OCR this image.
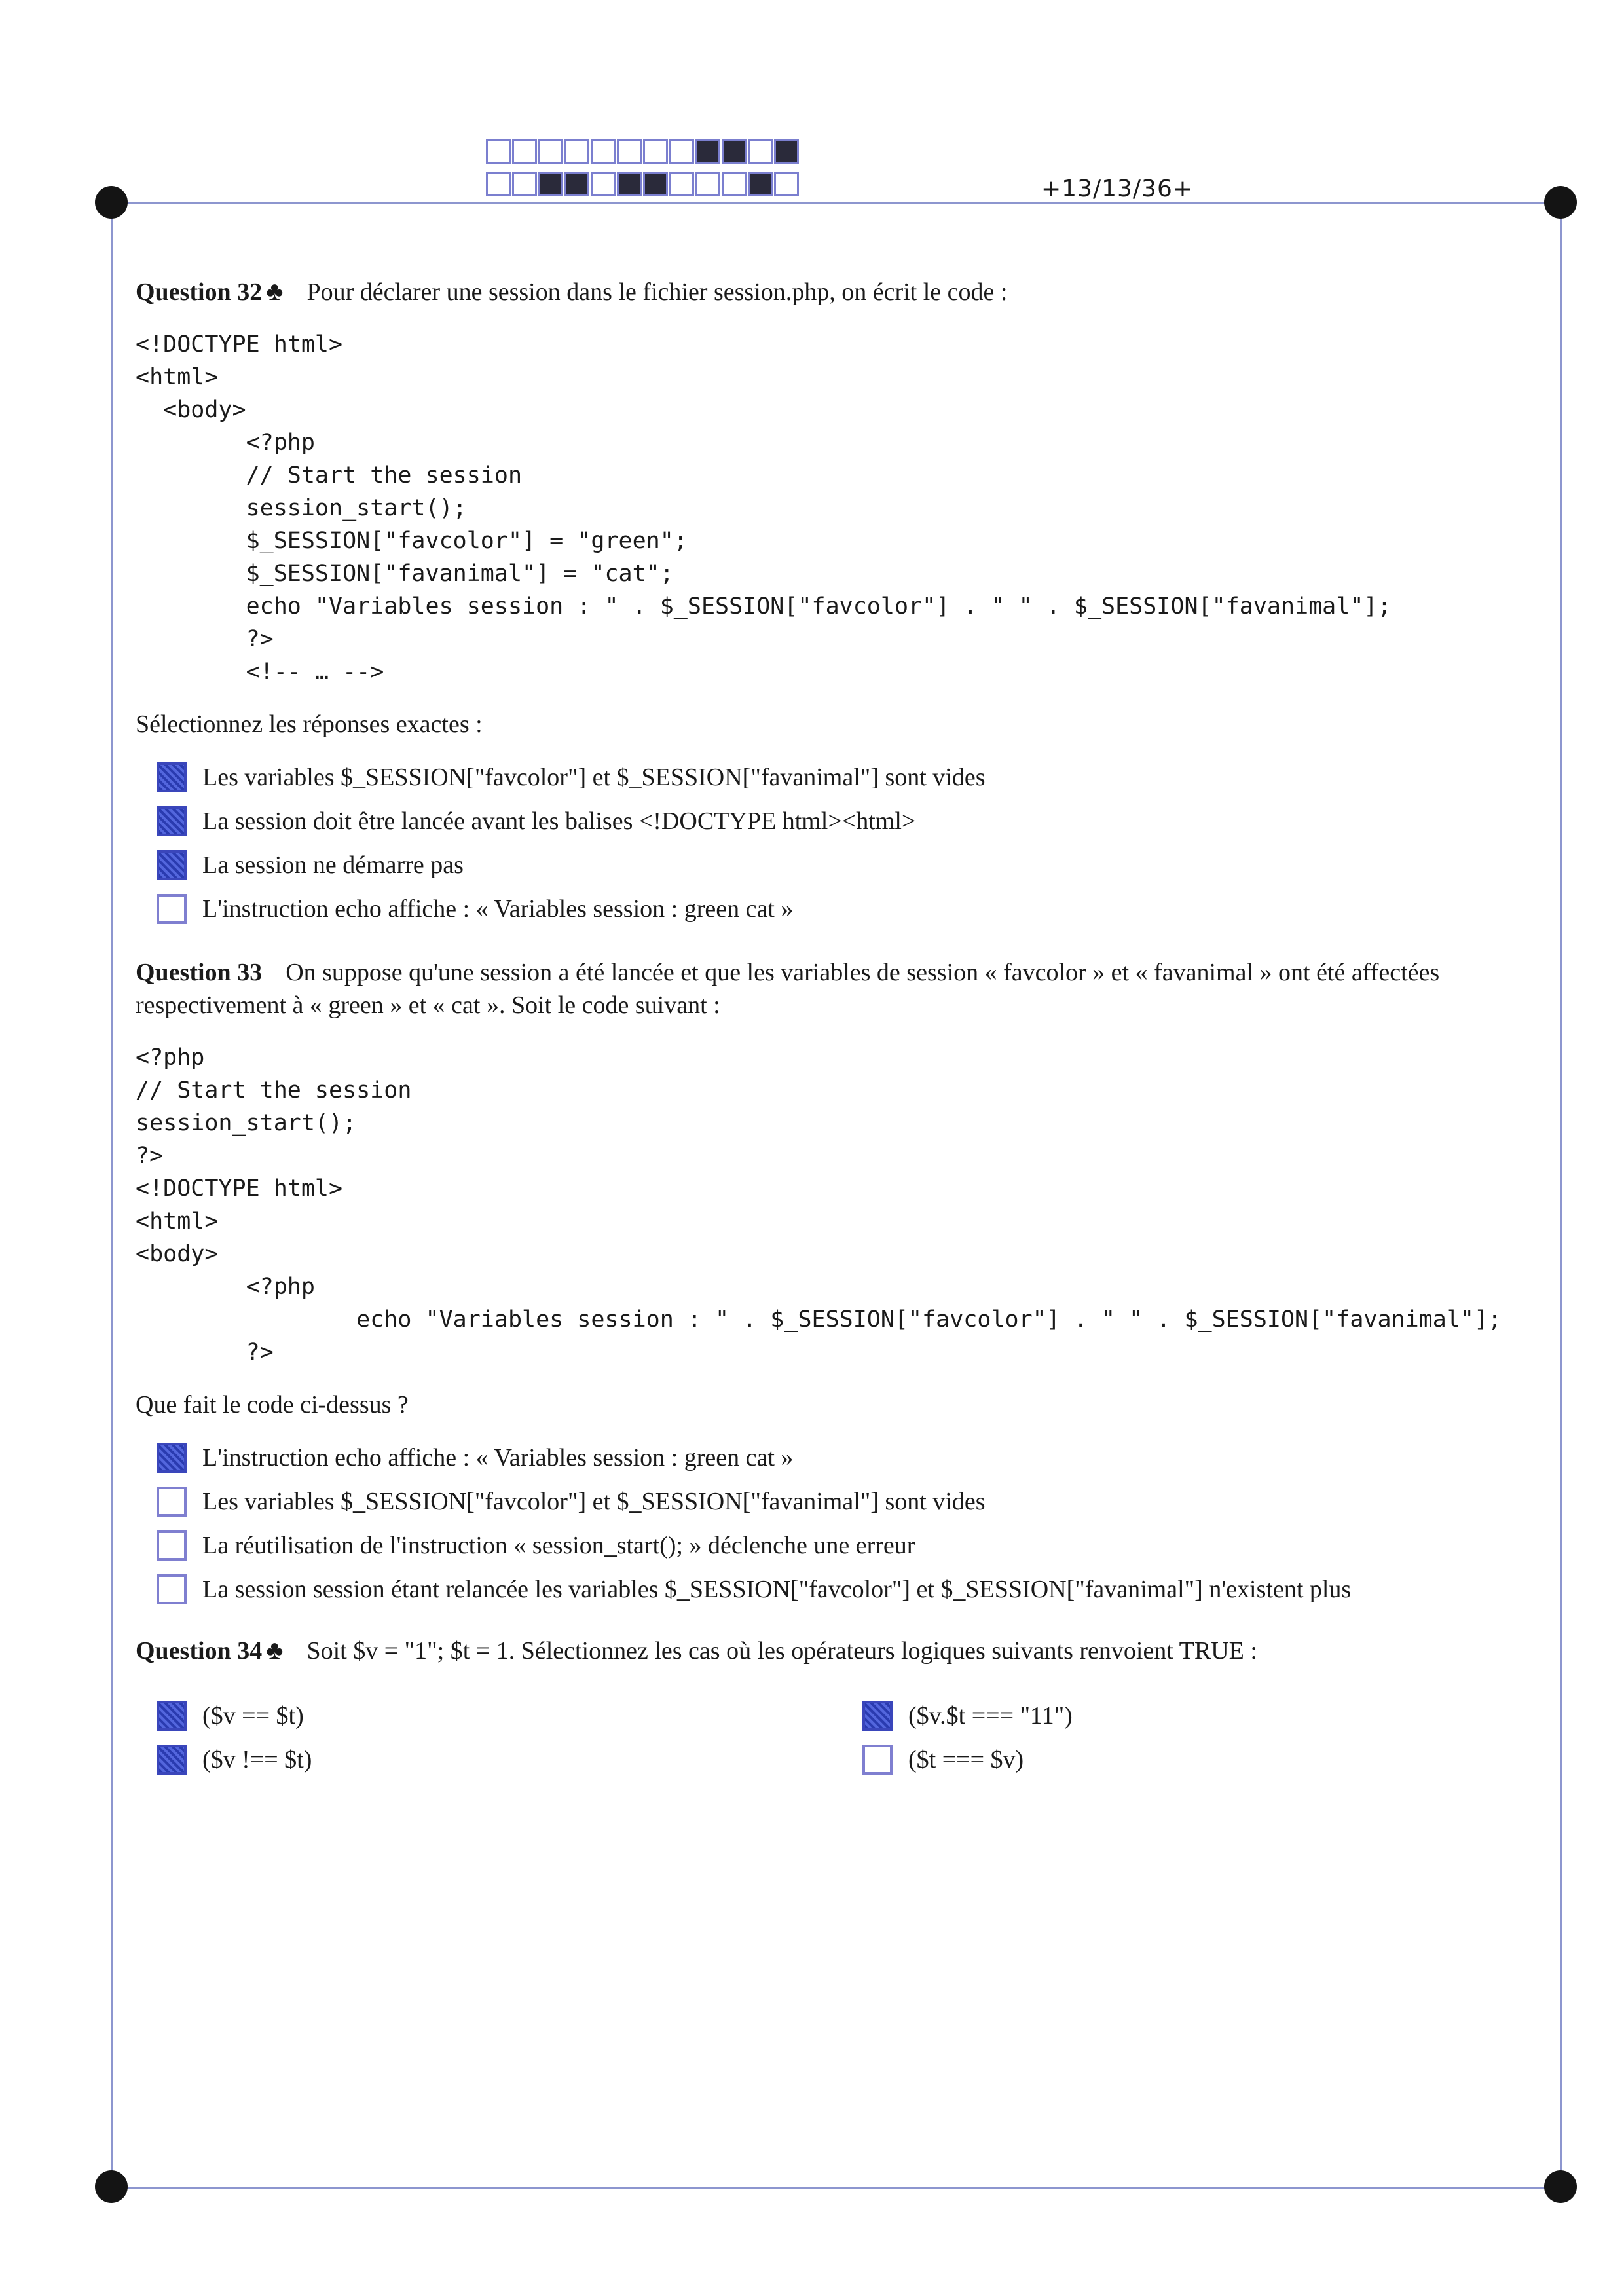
+13/13/36+
Question 32 ♣ Pour déclarer une session dans le fichier session.php, on écrit le code :
<!DOCTYPE html>
<html>
<body>
<?php
// Start the session
session_start();
$_SESSION["favcolor"] = "green";
$_SESSION["favanimal"] = "cat";
echo "Variables session : " . $_SESSION["favcolor"] . " " . $_SESSION["favanimal"];
?>
<!-- … -->
Sélectionnez les réponses exactes :
Les variables $_SESSION["favcolor"] et $_SESSION["favanimal"] sont vides
La session doit être lancée avant les balises <!DOCTYPE html><html>
La session ne démarre pas
L'instruction echo affiche : « Variables session : green cat »
Question 33 On suppose qu'une session a été lancée et que les variables de session « favcolor » et « favanimal » ont été affectées respectivement à « green » et « cat ». Soit le code suivant :
<?php
// Start the session
session_start();
?>
<!DOCTYPE html>
<html>
<body>
<?php
echo "Variables session : " . $_SESSION["favcolor"] . " " . $_SESSION["favanimal"];
?>
Que fait le code ci-dessus ?
L'instruction echo affiche : « Variables session : green cat »
Les variables $_SESSION["favcolor"] et $_SESSION["favanimal"] sont vides
La réutilisation de l'instruction « session_start(); » déclenche une erreur
La session session étant relancée les variables $_SESSION["favcolor"] et $_SESSION["favanimal"] n'existent plus
Question 34 ♣ Soit $v = "1"; $t = 1. Sélectionnez les cas où les opérateurs logiques suivants renvoient TRUE :
($v == $t)	($v.$t === "11")
($v !== $t)	($t === $v)
